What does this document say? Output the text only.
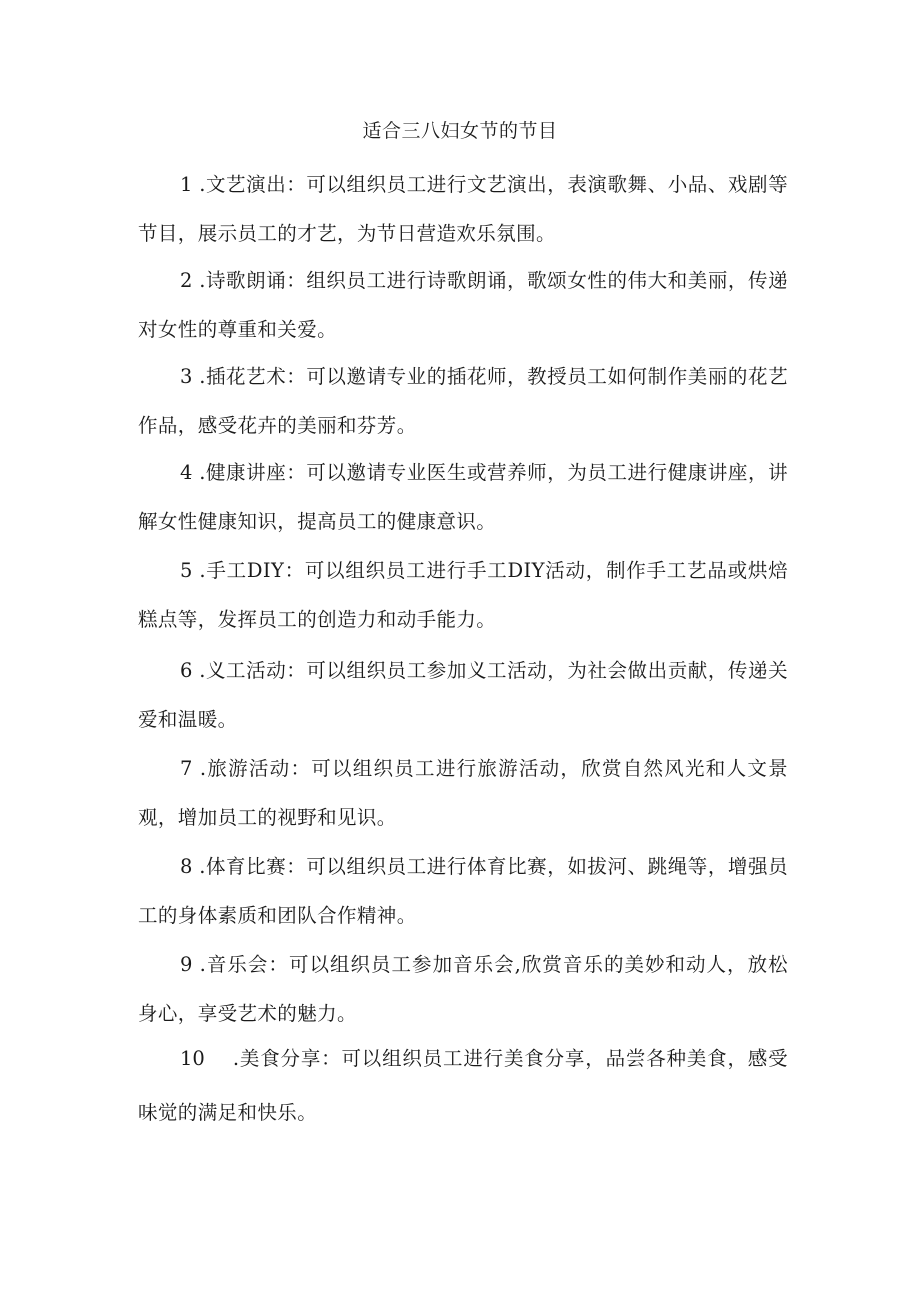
适合三八妇女节的节目

1 .文艺演出：可以组织员工进行文艺演出，表演歌舞、小品、戏剧等节目，展示员工的才艺，为节日营造欢乐氛围。

2 .诗歌朗诵：组织员工进行诗歌朗诵，歌颂女性的伟大和美丽，传递对女性的尊重和关爱。

3 .插花艺术：可以邀请专业的插花师，教授员工如何制作美丽的花艺作品，感受花卉的美丽和芬芳。

4 .健康讲座：可以邀请专业医生或营养师，为员工进行健康讲座，讲解女性健康知识，提高员工的健康意识。

5 .手工DIY：可以组织员工进行手工DIY活动，制作手工艺品或烘焙糕点等，发挥员工的创造力和动手能力。

6 .义工活动：可以组织员工参加义工活动，为社会做出贡献，传递关爱和温暖。

7 .旅游活动：可以组织员工进行旅游活动，欣赏自然风光和人文景观，增加员工的视野和见识。

8 .体育比赛：可以组织员工进行体育比赛，如拔河、跳绳等，增强员工的身体素质和团队合作精神。

9 .音乐会：可以组织员工参加音乐会,欣赏音乐的美妙和动人，放松身心，享受艺术的魅力。

10    .美食分享：可以组织员工进行美食分享，品尝各种美食，感受味觉的满足和快乐。
